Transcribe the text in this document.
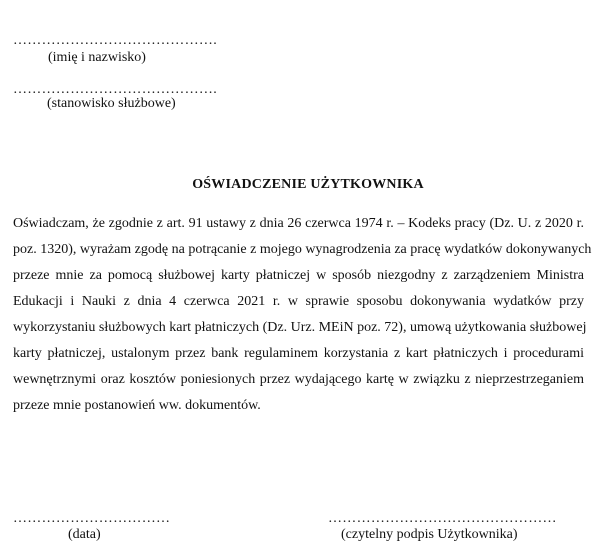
…………………………………….
(imię i nazwisko)
…………………………………….
(stanowisko służbowe)
OŚWIADCZENIE UŻYTKOWNIKA
Oświadczam, że zgodnie z art. 91 ustawy z dnia 26 czerwca 1974 r. – Kodeks pracy (Dz. U. z 2020 r.
poz. 1320), wyrażam zgodę na potrącanie z mojego wynagrodzenia za pracę wydatków dokonywanych
przeze mnie za pomocą służbowej karty płatniczej w sposób niezgodny z zarządzeniem Ministra
Edukacji i Nauki z dnia 4 czerwca 2021 r. w sprawie sposobu dokonywania wydatków przy
wykorzystaniu służbowych kart płatniczych (Dz. Urz. MEiN poz. 72), umową użytkowania służbowej
karty płatniczej, ustalonym przez bank regulaminem korzystania z kart płatniczych i procedurami
wewnętrznymi oraz kosztów poniesionych przez wydającego kartę w związku z nieprzestrzeganiem
przeze mnie postanowień ww. dokumentów.
……………………………
(data)
…………………………………………
(czytelny podpis Użytkownika)
